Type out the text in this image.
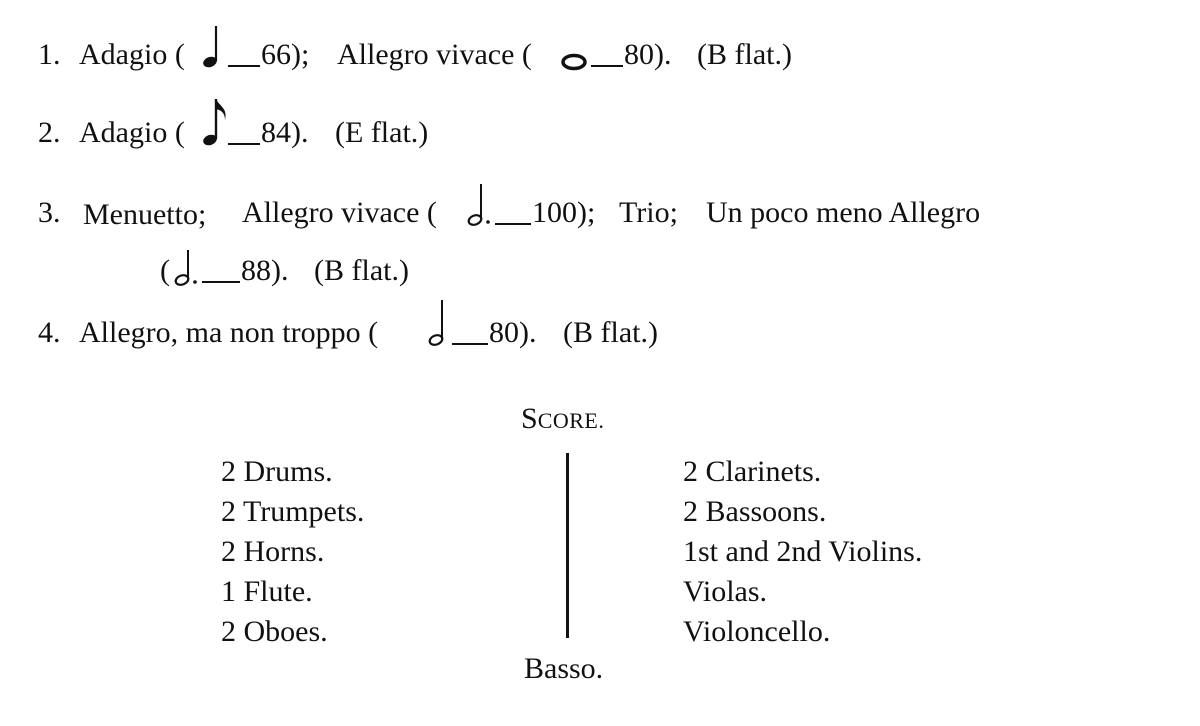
1. Adagio (	66); Allegro vivace (	80). (B flat.)
2. Adagio (	84). (E flat.)
3. Menuetto; Allegro vivace (	100); Trio; Un poco meno Allegro
( 88). (B flat.)
4. Allegro, ma non troppo (	80). (B flat.)
SCORE.
2 Drums.
2 Trumpets.
2 Horns.
1 Flute.
2 Oboes.
2 Clarinets.
2 Bassoons.
1st and 2nd Violins.
Violas.
Violoncello.
Basso.
